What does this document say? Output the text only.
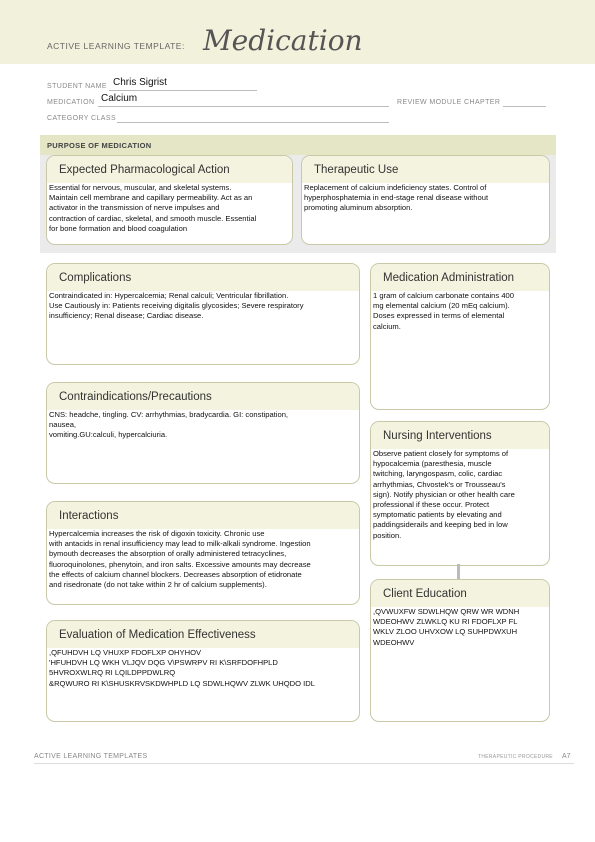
ACTIVE LEARNING TEMPLATE: Medication
STUDENT NAME Chris Sigrist
MEDICATION Calcium	REVIEW MODULE CHAPTER
CATEGORY CLASS
PURPOSE OF MEDICATION
Expected Pharmacological Action
Essential for nervous, muscular, and skeletal systems.
Maintain cell membrane and capillary permeability. Act as an
activator in the transmission of nerve impulses and
contraction of cardiac, skeletal, and smooth muscle. Essential
for bone formation and blood coagulation
Therapeutic Use
Replacement of calcium indeficiency states. Control of
hyperphosphatemia in end-stage renal disease without
promoting aluminum absorption.
Complications
Contraindicated in: Hypercalcemia; Renal calculi; Ventricular fibrillation.
Use Cautiously in: Patients receiving digitalis glycosides; Severe respiratory
insufficiency; Renal disease; Cardiac disease.
Medication Administration
1 gram of calcium carbonate contains 400
mg elemental calcium (20 mEq calcium).
Doses expressed in terms of elemental
calcium.
Contraindications/Precautions
CNS: headche, tingling. CV: arrhythmias, bradycardia. GI: constipation,
nausea,
vomiting.GU:calculi, hypercalciuria.	Nursing Interventions
Observe patient closely for symptoms of
hypocalcemia (paresthesia, muscle
twitching, laryngospasm, colic, cardiac
arrhythmias, Chvostek's or Trousseau's
sign). Notify physician or other health care
professional if these occur. Protect
symptomatic patients by elevating and
paddingsiderails and keeping bed in low
position.
Interactions
Hypercalcemia increases the risk of digoxin toxicity. Chronic use
with antacids in renal insufficiency may lead to milk-alkali syndrome. Ingestion
bymouth decreases the absorption of orally administered tetracyclines,
fluoroquinolones, phenytoin, and iron salts. Excessive amounts may decrease
the effects of calcium channel blockers. Decreases absorption of etidronate
and risedronate (do not take within 2 hr of calcium supplements).
Client Education
,QVWUXFW SDWLHQW QRW WR WDNH
WDEOHWV ZLWKLQ KU RI FDOFLXP FL
WKLV ZLOO UHVXOW LQ SUHPDWXUH
WDEOHWV
Evaluation of Medication Effectiveness
,QFUHDVH LQ VHUXP FDOFLXP OHYHOV
'HFUHDVH LQ WKH VLJQV DQG V\PSWRPV RI K\SRFDOFHPLD
5HVROXWLRQ RI LQILDPPDWLRQ
&RQWURO RI K\SHUSKRVSKDWHPLD LQ SDWLHQWV ZLWK UHQDO IDL
ACTIVE LEARNING TEMPLATES	THERAPEUTIC PROCEDURE A7
